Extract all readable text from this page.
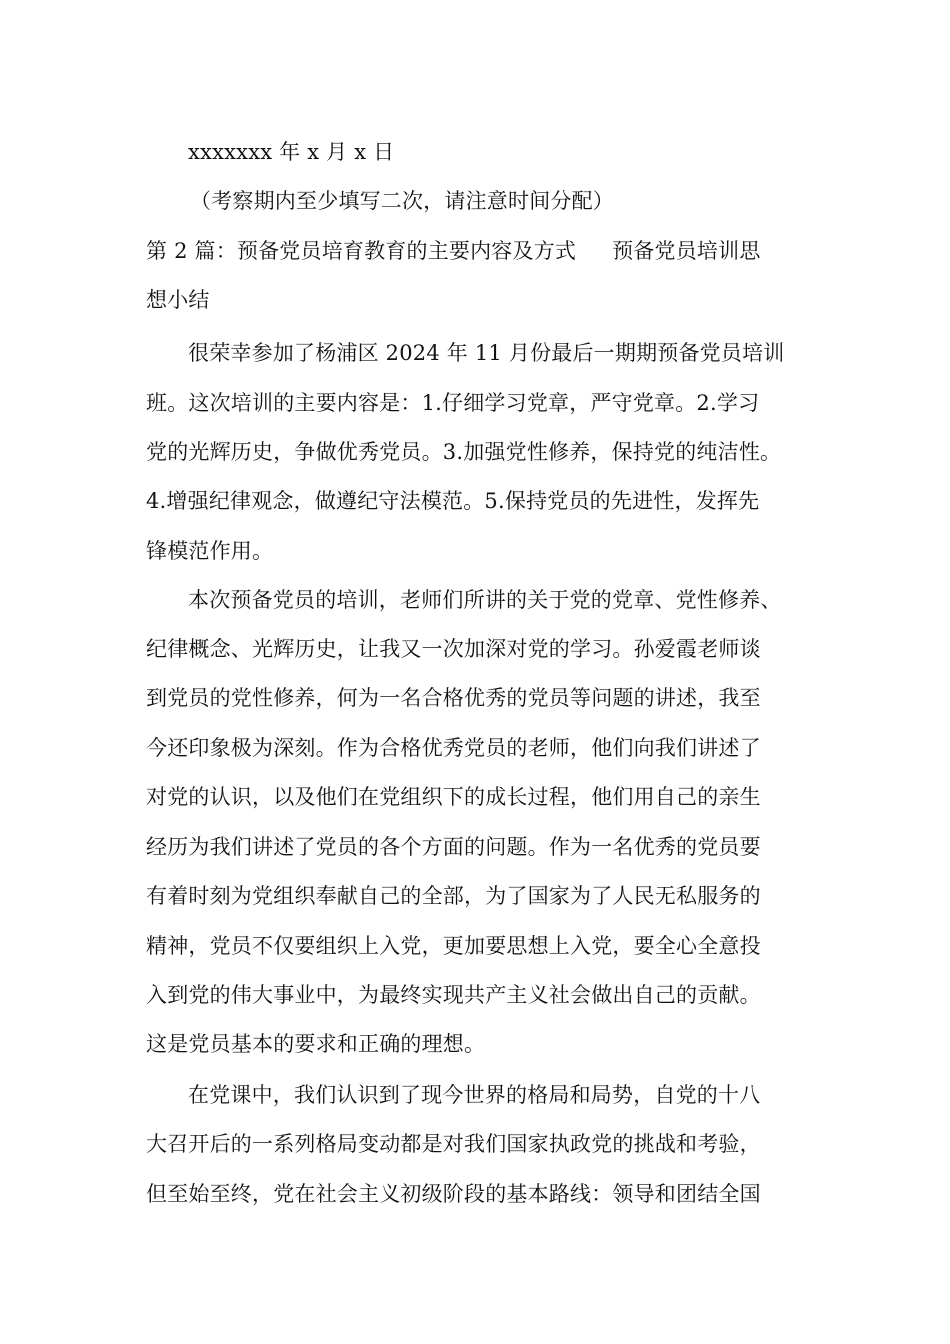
xxxxxxx 年 x 月 x 日
（考察期内至少填写二次，请注意时间分配）
第 2 篇：预备党员培育教育的主要内容及方式 预备党员培训思
想小结
很荣幸参加了杨浦区 2024 年 11 月份最后一期期预备党员培训
班。这次培训的主要内容是：1.仔细学习党章，严守党章。2.学习
党的光辉历史，争做优秀党员。3.加强党性修养，保持党的纯洁性。
4.增强纪律观念，做遵纪守法模范。5.保持党员的先进性，发挥先
锋模范作用。
本次预备党员的培训，老师们所讲的关于党的党章、党性修养、
纪律概念、光辉历史，让我又一次加深对党的学习。孙爱霞老师谈
到党员的党性修养，何为一名合格优秀的党员等问题的讲述，我至
今还印象极为深刻。作为合格优秀党员的老师，他们向我们讲述了
对党的认识，以及他们在党组织下的成长过程，他们用自己的亲生
经历为我们讲述了党员的各个方面的问题。作为一名优秀的党员要
有着时刻为党组织奉献自己的全部，为了国家为了人民无私服务的
精神，党员不仅要组织上入党，更加要思想上入党，要全心全意投
入到党的伟大事业中，为最终实现共产主义社会做出自己的贡献。
这是党员基本的要求和正确的理想。
在党课中，我们认识到了现今世界的格局和局势，自党的十八
大召开后的一系列格局变动都是对我们国家执政党的挑战和考验，
但至始至终，党在社会主义初级阶段的基本路线：领导和团结全国
